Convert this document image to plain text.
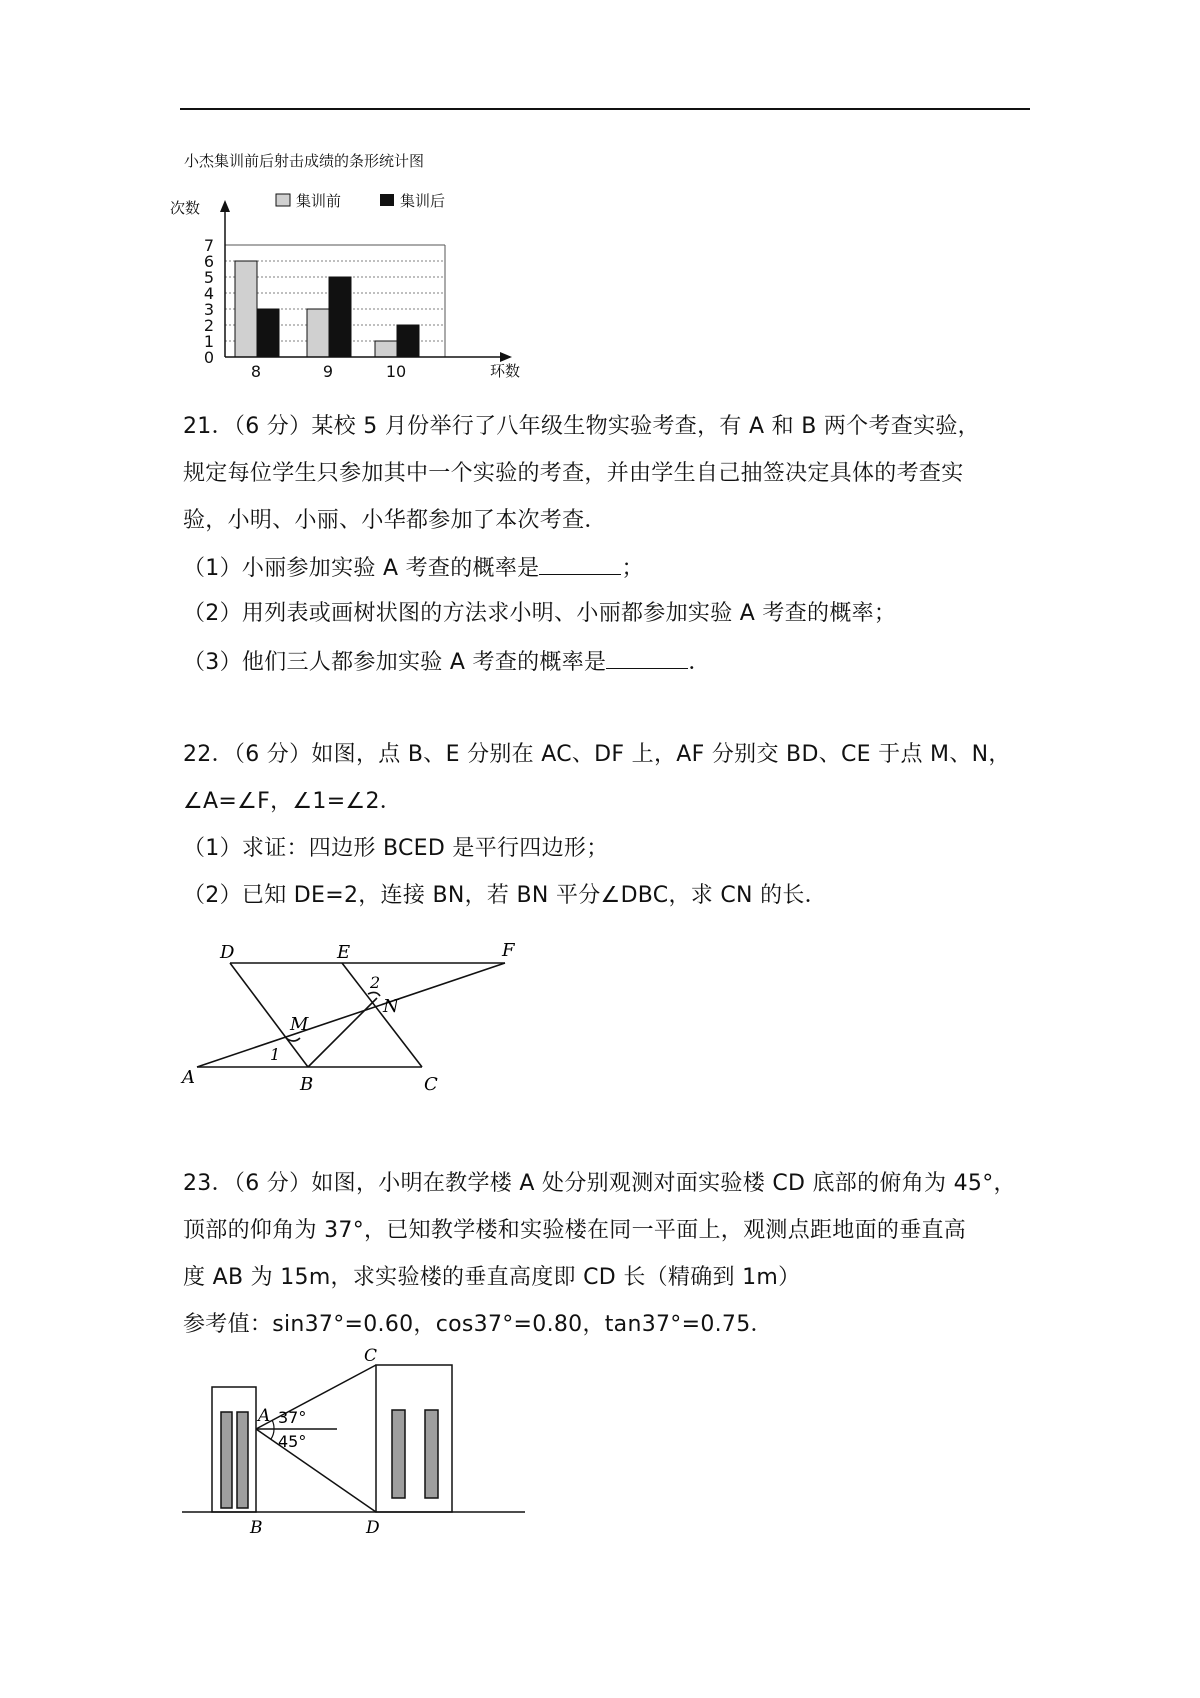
小杰集训前后射击成绩的条形统计图
次数	集训前	集训后
0
1
2
3
4
5
6
7
8	9	10	环数
21．（6 分）某校 5 月份举行了八年级生物实验考查，有 A 和 B 两个考查实验，
规定每位学生只参加其中一个实验的考查，并由学生自己抽签决定具体的考查实
验，小明、小丽、小华都参加了本次考查．
（1）小丽参加实验 A 考查的概率是	；
（2）用列表或画树状图的方法求小明、小丽都参加实验 A 考查的概率；
（3）他们三人都参加实验 A 考查的概率是	．
22．（6 分）如图，点 B、E 分别在 AC、DF 上，AF 分别交 BD、CE 于点 M、N，
∠A=∠F，∠1=∠2．
（1）求证：四边形 BCED 是平行四边形；
（2）已知 DE=2，连接 BN，若 BN 平分∠DBC，求 CN 的长．
D	E	F
A	B	C
M
N
1
2
23．（6 分）如图，小明在教学楼 A 处分别观测对面实验楼 CD 底部的俯角为 45°，
顶部的仰角为 37°，已知教学楼和实验楼在同一平面上，观测点距地面的垂直高
度 AB 为 15m，求实验楼的垂直高度即 CD 长（精确到 1m）
参考值：sin37°=0.60，cos37°=0.80，tan37°=0.75．
A
B
C
D
37°
45°
